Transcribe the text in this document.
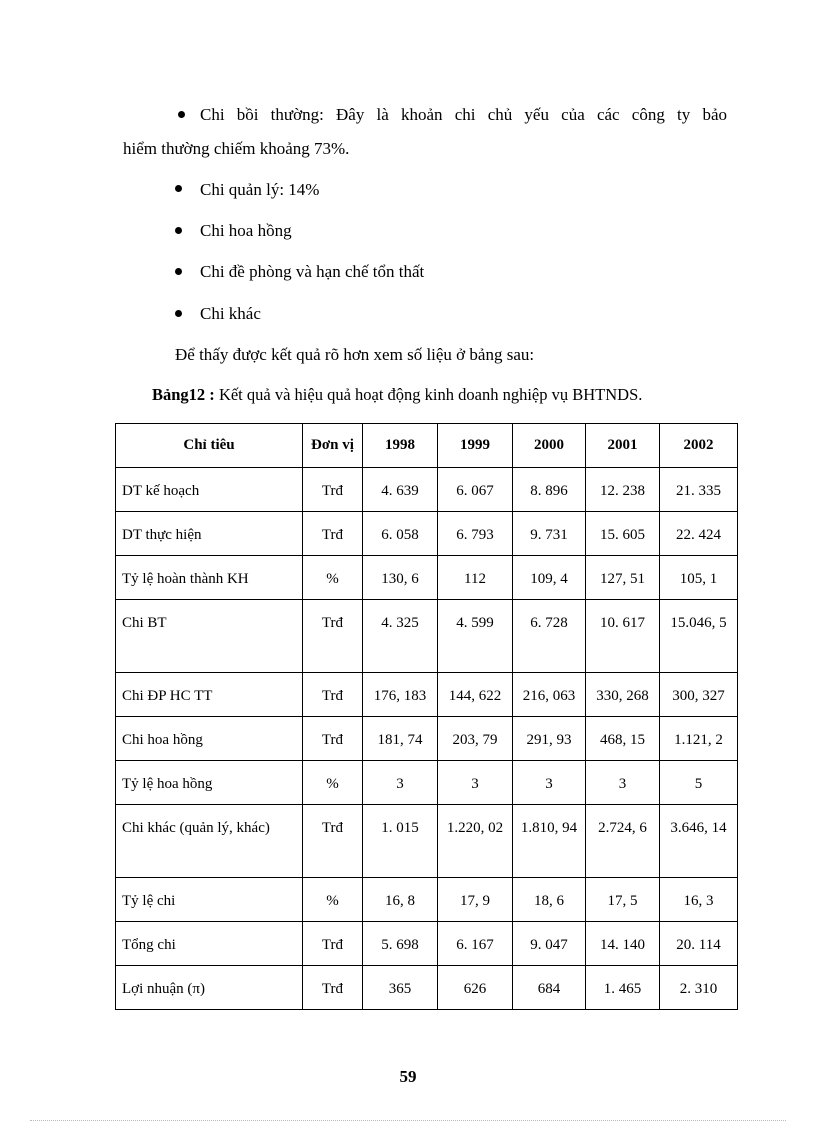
Chi bồi thường: Đây là khoản chi chủ yếu của các công ty bảo
hiểm thường chiếm khoảng 73%.
Chi quản lý: 14%
Chi hoa hồng
Chi đề phòng và hạn chế tổn thất
Chi khác
Để thấy được kết quả rõ hơn xem số liệu ở bảng sau:
Bảng12 : Kết quả và hiệu quả hoạt động kinh doanh nghiệp vụ BHTNDS.
Chỉ tiêu	Đơn vị	1998	1999	2000	2001	2002
DT kế hoạch	Trđ	4. 639	6. 067	8. 896	12. 238	21. 335
DT thực hiện	Trđ	6. 058	6. 793	9. 731	15. 605	22. 424
Tỷ lệ hoàn thành KH	%	130, 6	112	109, 4	127, 51	105, 1
Chi BT	Trđ	4. 325	4. 599	6. 728	10. 617	15.046, 5
Chi ĐP HC TT	Trđ	176, 183	144, 622	216, 063	330, 268	300, 327
Chi hoa hồng	Trđ	181, 74	203, 79	291, 93	468, 15	1.121, 2
Tỷ lệ hoa hồng	%	3	3	3	3	5
Chi khác (quản lý, khác)	Trđ	1. 015	1.220, 02	1.810, 94	2.724, 6	3.646, 14
Tỷ lệ chi	%	16, 8	17, 9	18, 6	17, 5	16, 3
Tổng chi	Trđ	5. 698	6. 167	9. 047	14. 140	20. 114
Lợi nhuận (π)	Trđ	365	626	684	1. 465	2. 310
59
